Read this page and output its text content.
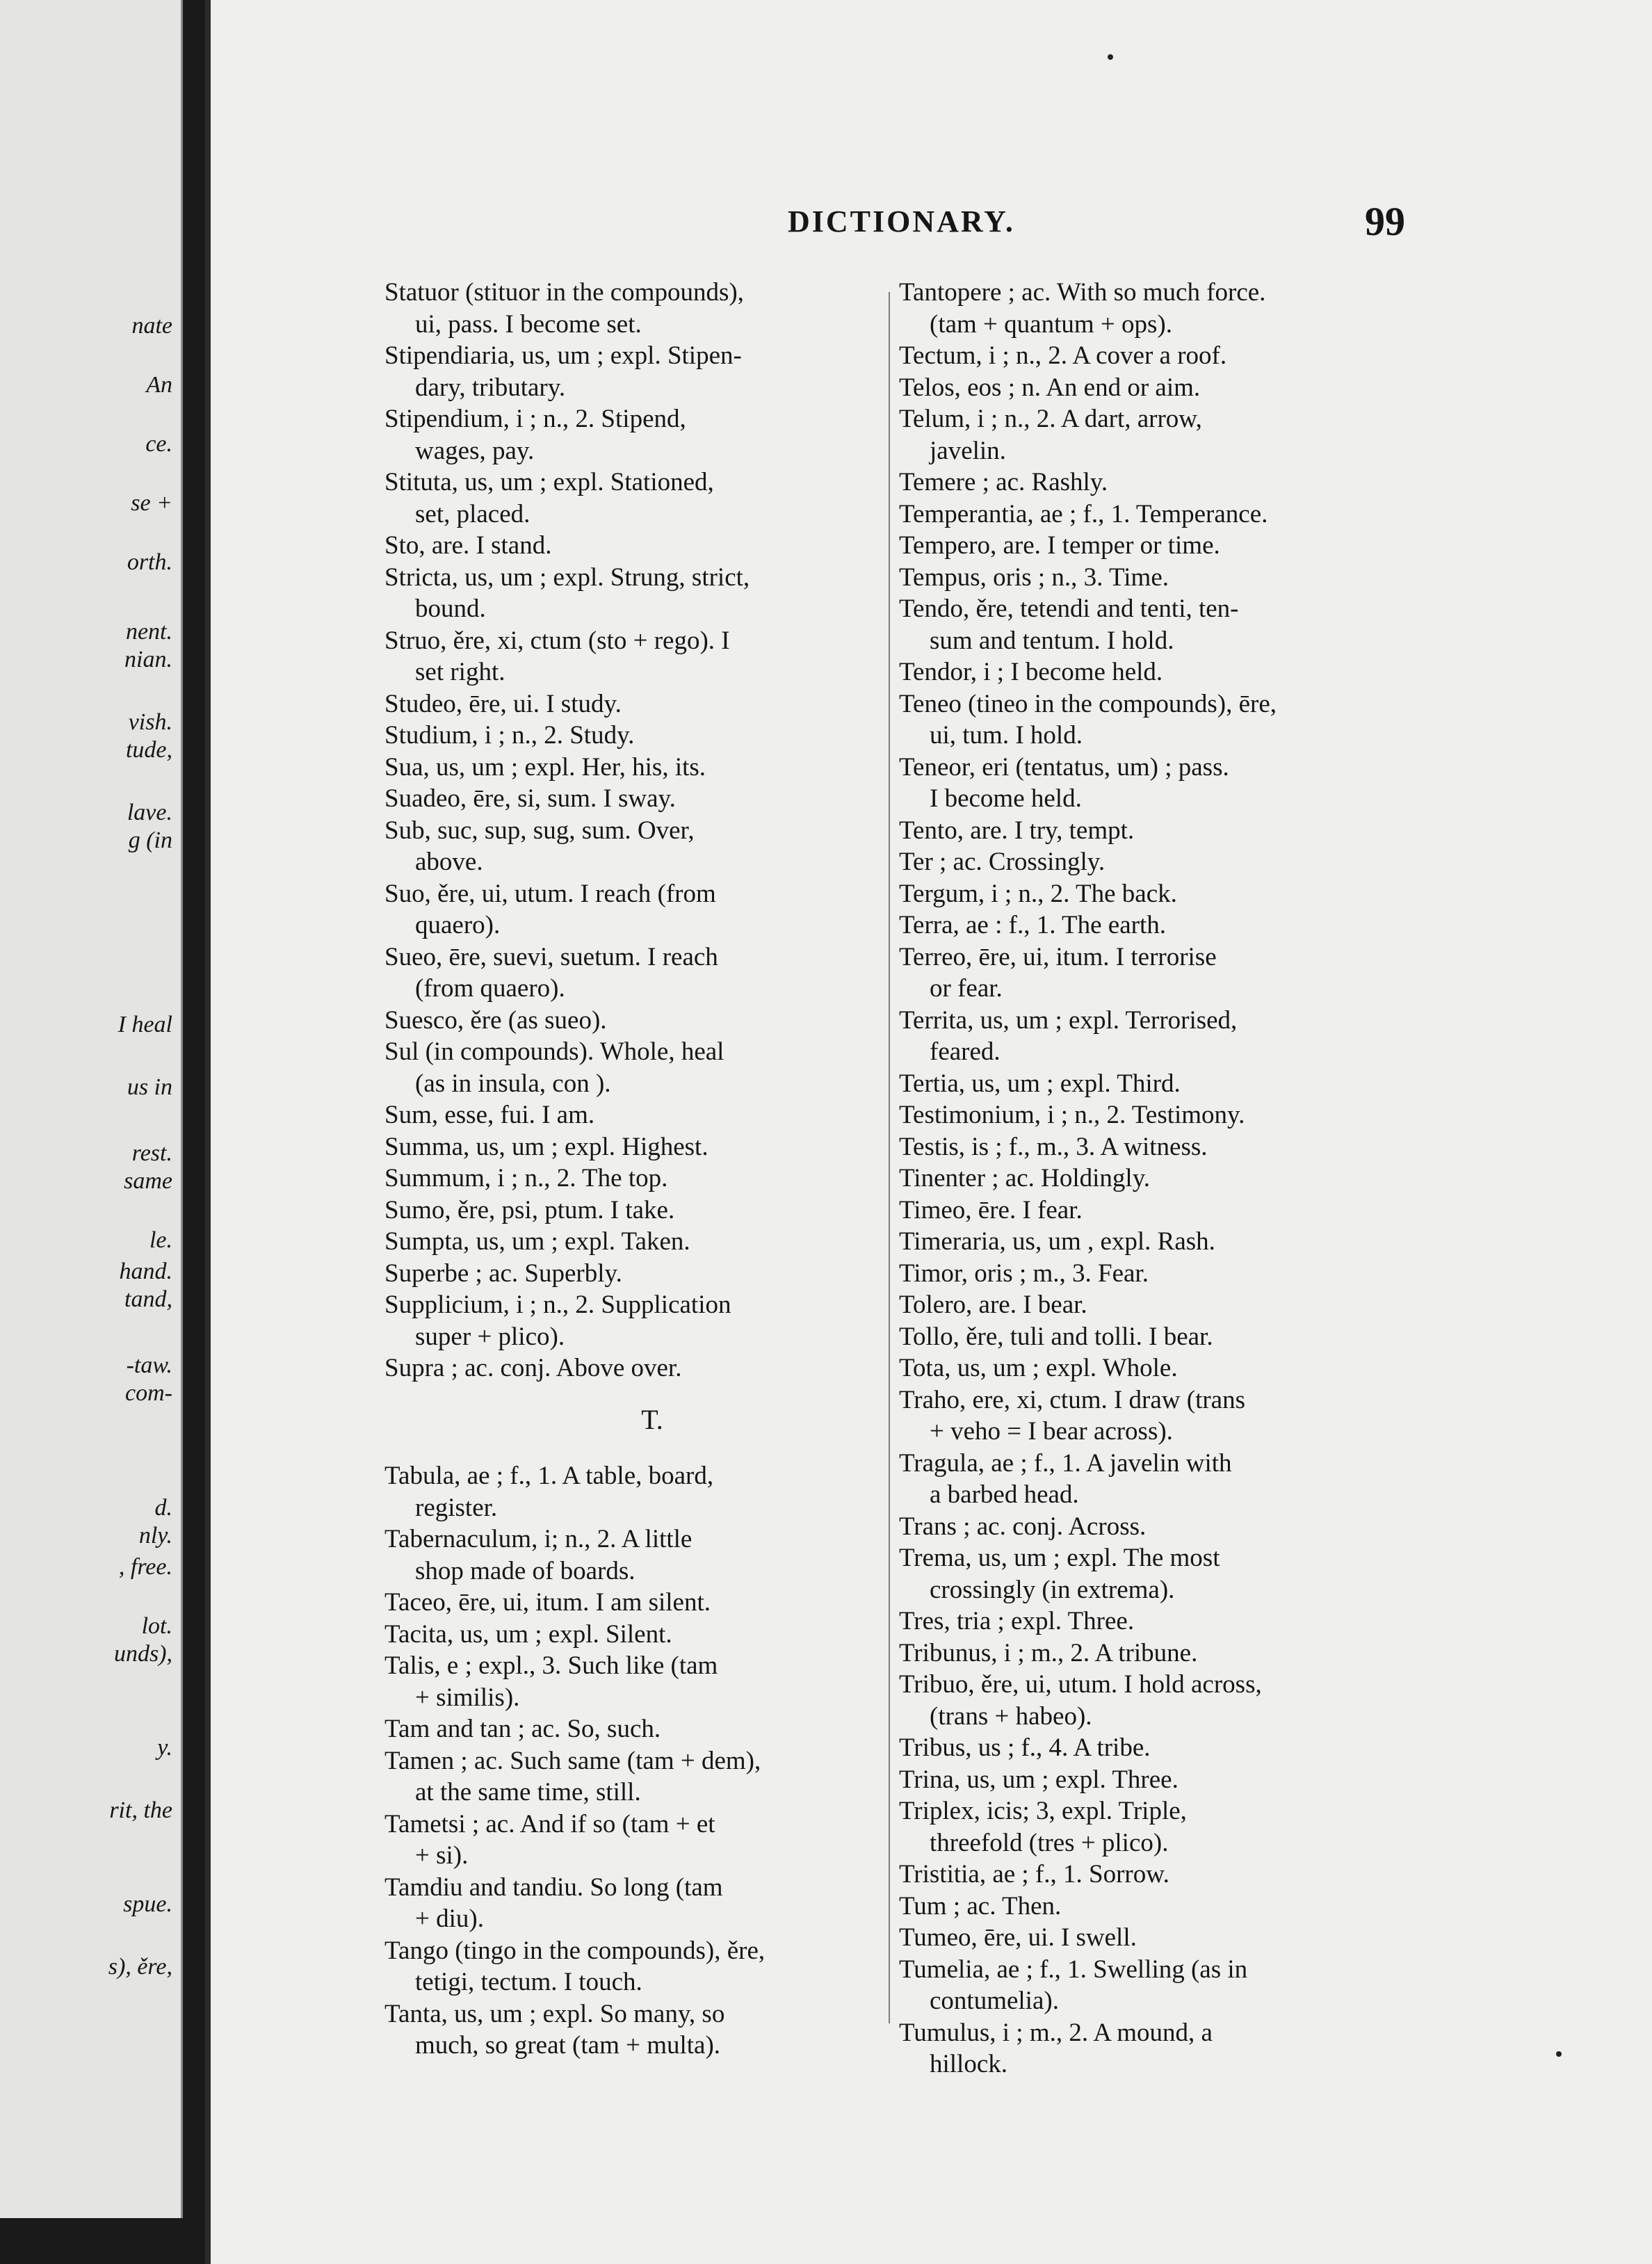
nate
An
ce.
se +
orth.
nent.
nian.
vish.
tude,
lave.
g (in
I heal
us in
rest.
same
le.
hand.
tand,
-taw.
com-
d.
nly.
, free.
lot.
unds),
y.
rit, the
spue.
s), ěre,
DICTIONARY.	99
Statuor (stituor in the compounds),
ui, pass. I become set.
Stipendiaria, us, um ; expl. Stipen-
dary, tributary.
Stipendium, i ; n., 2. Stipend,
wages, pay.
Stituta, us, um ; expl. Stationed,
set, placed.
Sto, are. I stand.
Stricta, us, um ; expl. Strung, strict,
bound.
Struo, ěre, xi, ctum (sto + rego). I
set right.
Studeo, ēre, ui. I study.
Studium, i ; n., 2. Study.
Sua, us, um ; expl. Her, his, its.
Suadeo, ēre, si, sum. I sway.
Sub, suc, sup, sug, sum. Over,
above.
Suo, ěre, ui, utum. I reach (from
quaero).
Sueo, ēre, suevi, suetum. I reach
(from quaero).
Suesco, ěre (as sueo).
Sul (in compounds). Whole, heal
(as in insula, con ).
Sum, esse, fui. I am.
Summa, us, um ; expl. Highest.
Summum, i ; n., 2. The top.
Sumo, ěre, psi, ptum. I take.
Sumpta, us, um ; expl. Taken.
Superbe ; ac. Superbly.
Supplicium, i ; n., 2. Supplication
super + plico).
Supra ; ac. conj. Above over.
T.
Tabula, ae ; f., 1. A table, board,
register.
Tabernaculum, i; n., 2. A little
shop made of boards.
Taceo, ēre, ui, itum. I am silent.
Tacita, us, um ; expl. Silent.
Talis, e ; expl., 3. Such like (tam
+ similis).
Tam and tan ; ac. So, such.
Tamen ; ac. Such same (tam + dem),
at the same time, still.
Tametsi ; ac. And if so (tam + et
+ si).
Tamdiu and tandiu. So long (tam
+ diu).
Tango (tingo in the compounds), ěre,
tetigi, tectum. I touch.
Tanta, us, um ; expl. So many, so
much, so great (tam + multa).
Tantopere ; ac. With so much force.
(tam + quantum + ops).
Tectum, i ; n., 2. A cover a roof.
Telos, eos ; n. An end or aim.
Telum, i ; n., 2. A dart, arrow,
javelin.
Temere ; ac. Rashly.
Temperantia, ae ; f., 1. Temperance.
Tempero, are. I temper or time.
Tempus, oris ; n., 3. Time.
Tendo, ěre, tetendi and tenti, ten-
sum and tentum. I hold.
Tendor, i ; I become held.
Teneo (tineo in the compounds), ēre,
ui, tum. I hold.
Teneor, eri (tentatus, um) ; pass.
I become held.
Tento, are. I try, tempt.
Ter ; ac. Crossingly.
Tergum, i ; n., 2. The back.
Terra, ae : f., 1. The earth.
Terreo, ēre, ui, itum. I terrorise
or fear.
Territa, us, um ; expl. Terrorised,
feared.
Tertia, us, um ; expl. Third.
Testimonium, i ; n., 2. Testimony.
Testis, is ; f., m., 3. A witness.
Tinenter ; ac. Holdingly.
Timeo, ēre. I fear.
Timeraria, us, um , expl. Rash.
Timor, oris ; m., 3. Fear.
Tolero, are. I bear.
Tollo, ěre, tuli and tolli. I bear.
Tota, us, um ; expl. Whole.
Traho, ere, xi, ctum. I draw (trans
+ veho = I bear across).
Tragula, ae ; f., 1. A javelin with
a barbed head.
Trans ; ac. conj. Across.
Trema, us, um ; expl. The most
crossingly (in extrema).
Tres, tria ; expl. Three.
Tribunus, i ; m., 2. A tribune.
Tribuo, ěre, ui, utum. I hold across,
(trans + habeo).
Tribus, us ; f., 4. A tribe.
Trina, us, um ; expl. Three.
Triplex, icis; 3, expl. Triple,
threefold (tres + plico).
Tristitia, ae ; f., 1. Sorrow.
Tum ; ac. Then.
Tumeo, ēre, ui. I swell.
Tumelia, ae ; f., 1. Swelling (as in
contumelia).
Tumulus, i ; m., 2. A mound, a
hillock.
